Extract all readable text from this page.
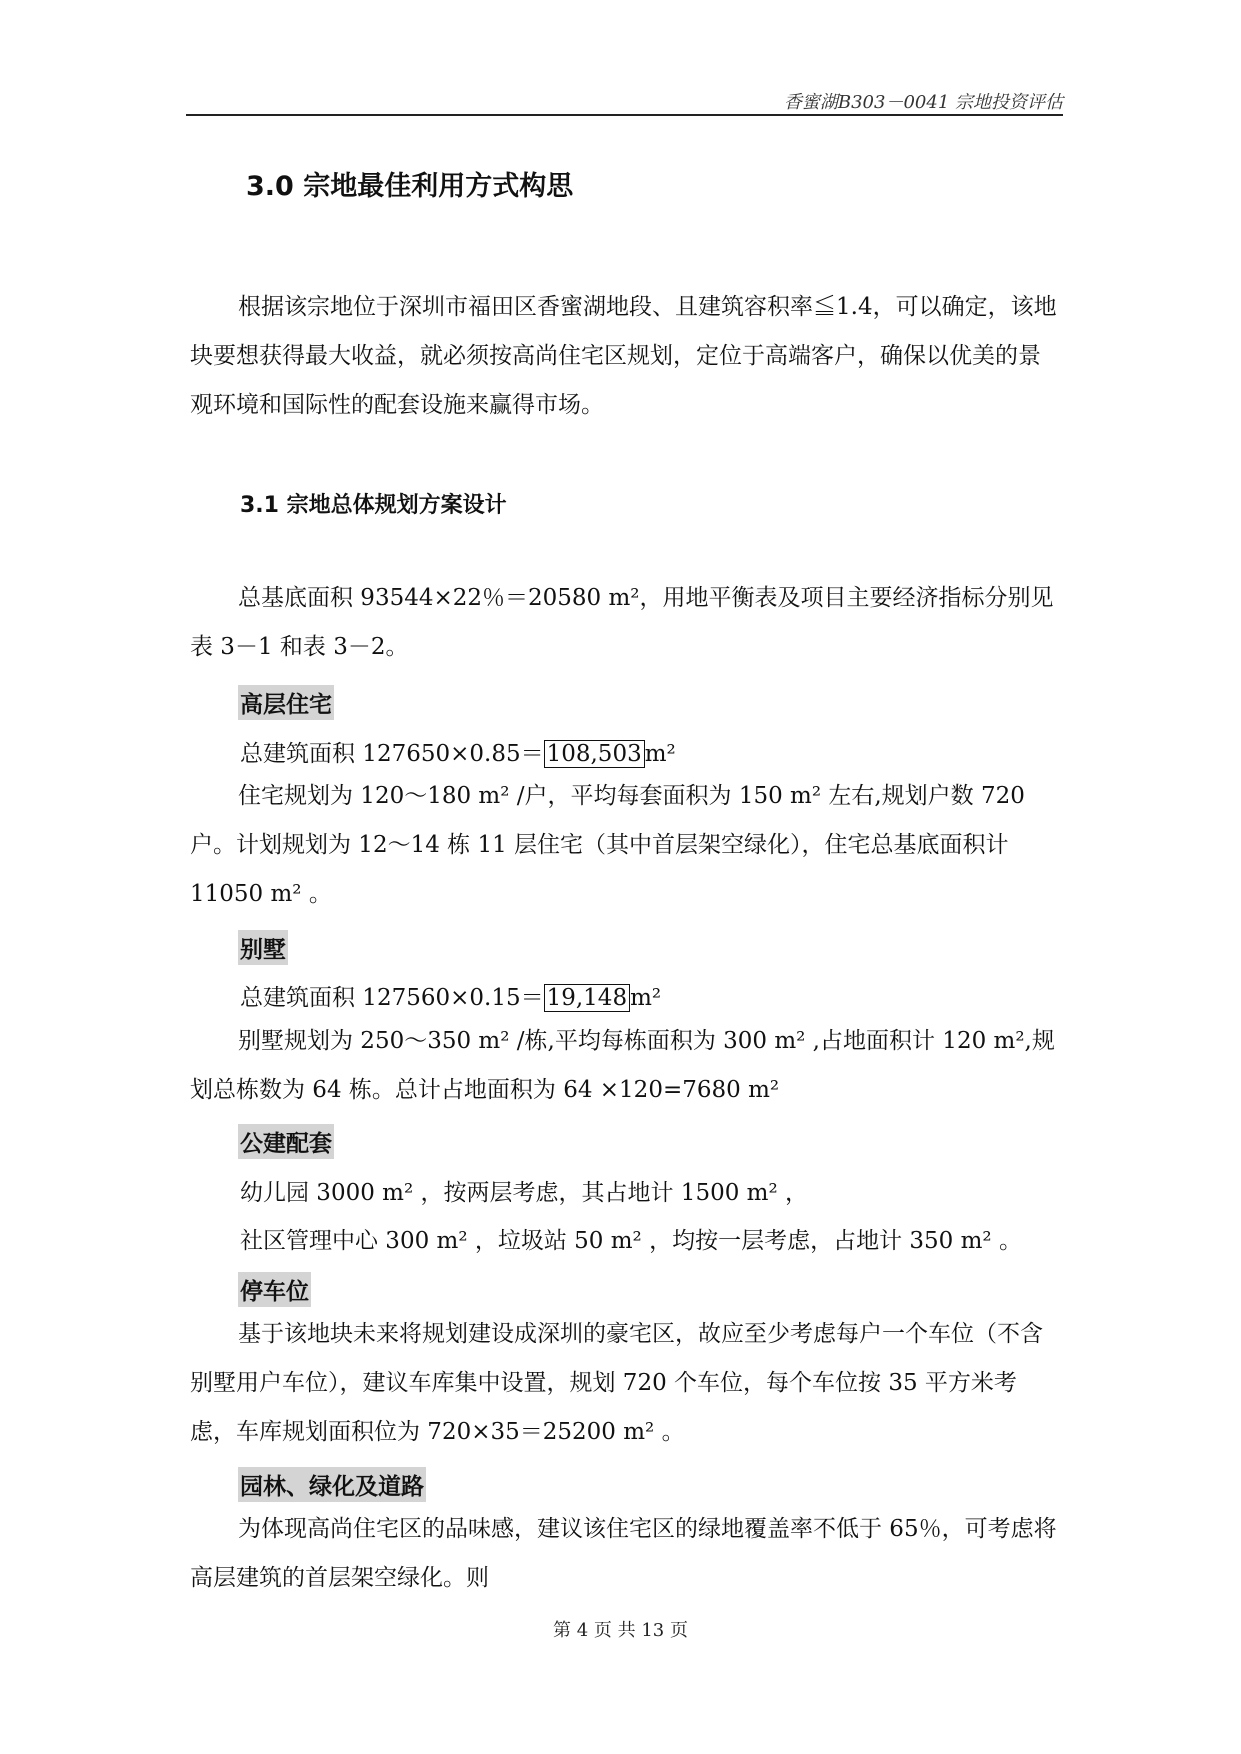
香蜜湖B303－0041 宗地投资评估
3.0 宗地最佳利用方式构思

根据该宗地位于深圳市福田区香蜜湖地段、且建筑容积率≦1.4，可以确定，该地块要想获得最大收益，就必须按高尚住宅区规划，定位于高端客户，确保以优美的景观环境和国际性的配套设施来赢得市场。

3.1 宗地总体规划方案设计

总基底面积 93544×22％＝20580 m²，用地平衡表及项目主要经济指标分别见表 3－1 和表 3－2。

高层住宅
总建筑面积 127650×0.85＝ 108,503 m²

住宅规划为 120～180 m² /户，平均每套面积为 150 m² 左右,规划户数 720 户。计划规划为 12～14 栋 11 层住宅（其中首层架空绿化），住宅总基底面积计 11050 m² 。

别墅
总建筑面积 127560×0.15＝ 19,148 m²

别墅规划为 250～350 m² /栋,平均每栋面积为 300 m² ,占地面积计 120 m²,规划总栋数为 64 栋。总计占地面积为 64 ×120=7680 m²

公建配套
幼儿园 3000 m² ，按两层考虑，其占地计 1500 m² ，
社区管理中心 300 m² ，垃圾站 50 m² ，均按一层考虑，占地计 350 m² 。
停车位

基于该地块未来将规划建设成深圳的豪宅区，故应至少考虑每户一个车位（不含别墅用户车位），建议车库集中设置，规划 720 个车位，每个车位按 35 平方米考虑，车库规划面积位为 720×35＝25200 m² 。

园林、绿化及道路

为体现高尚住宅区的品味感，建议该住宅区的绿地覆盖率不低于 65％，可考虑将高层建筑的首层架空绿化。则

第 4 页 共 13 页
